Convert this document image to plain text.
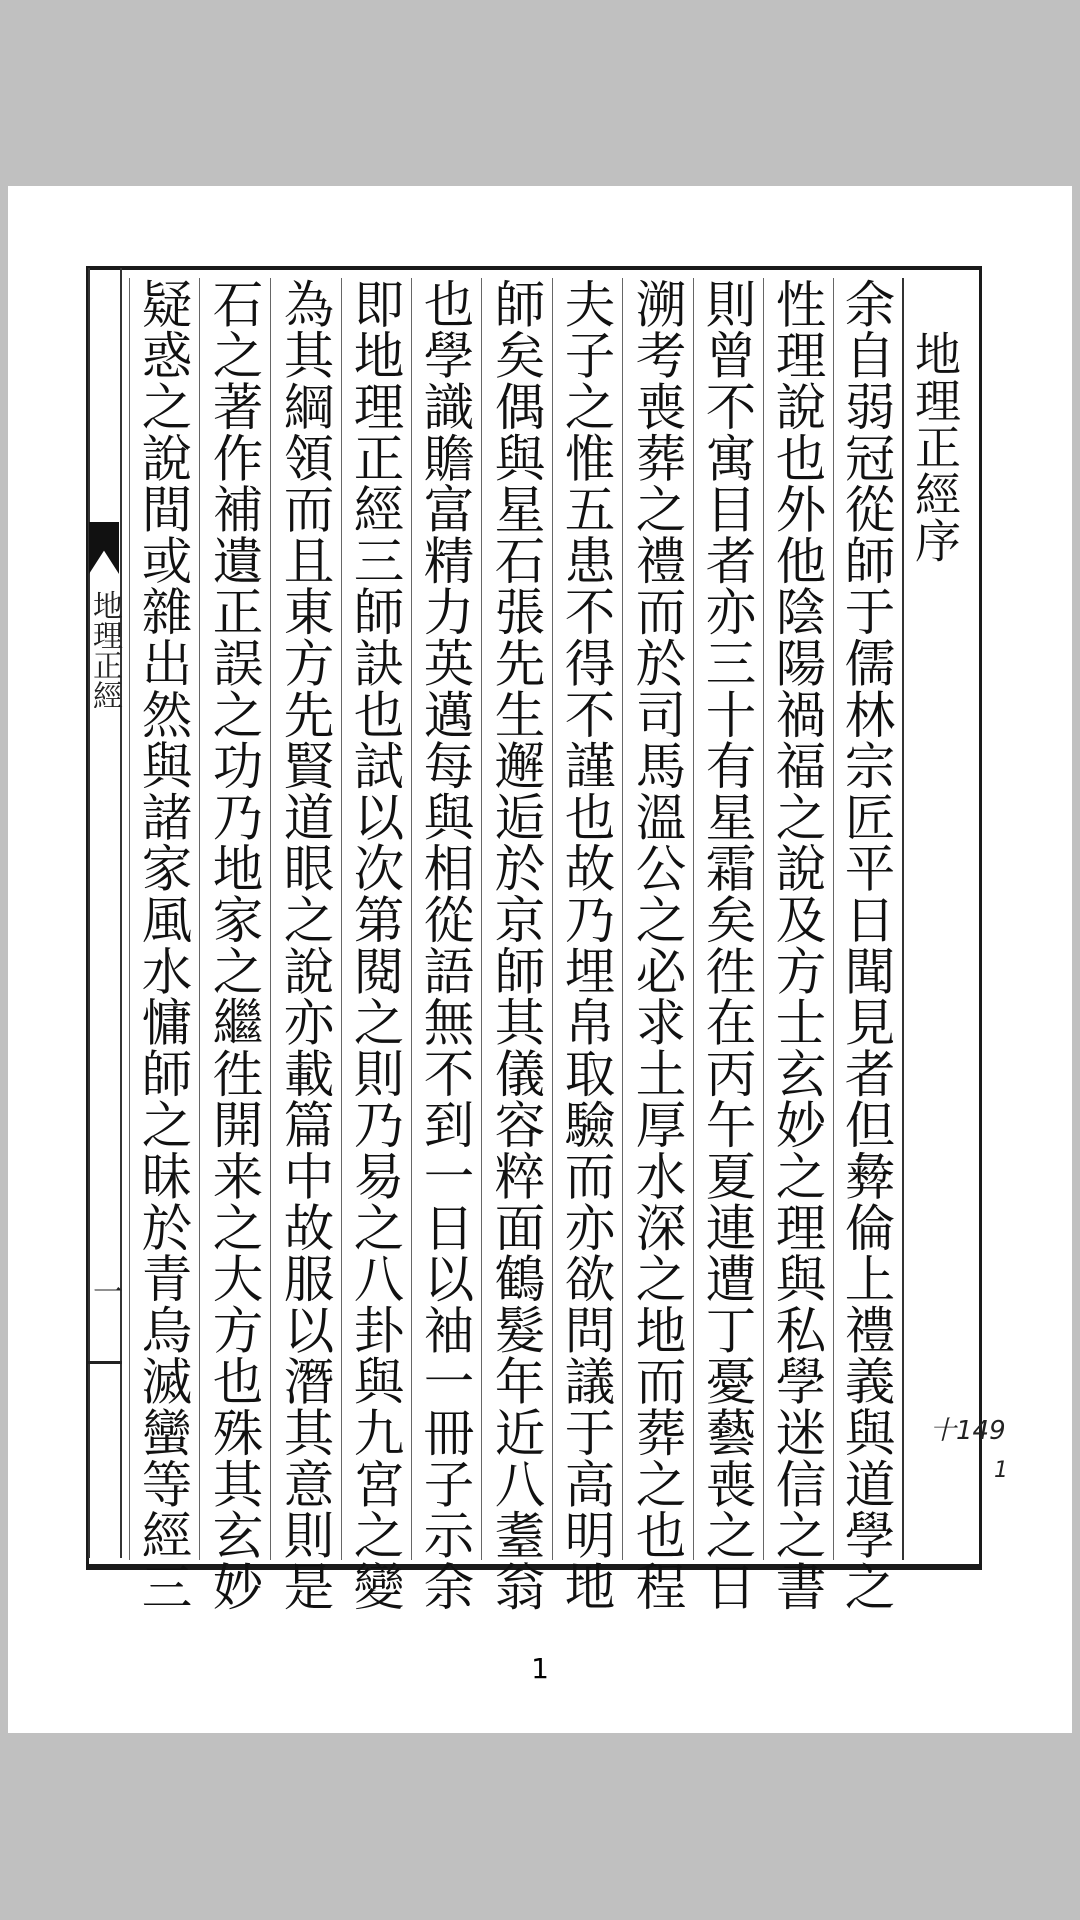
地理正經
一
地理正經序
余自弱冠從師于儒林宗匠平日聞見者但彜倫上禮義與道學之
性理說也外他陰陽禍福之說及方士玄妙之理與私學迷信之書
則曾不寓目者亦三十有星霜矣徃在丙午夏連遭丁憂藝喪之日
溯考喪葬之禮而於司馬溫公之必求土厚水深之地而葬之也程
夫子之惟五患不得不謹也故乃埋帛取驗而亦欲問議于高明地
師矣偶與星石張先生邂逅於京師其儀容粹面鶴髮年近八耋翁
也學識贍富精力英邁每與相從語無不到一日以袖一冊子示余
即地理正經三師訣也試以次第閱之則乃易之八卦與九宮之變
為其綱領而且東方先賢道眼之說亦載篇中故服以潛其意則是
石之著作補遺正誤之功乃地家之繼徃開来之大方也殊其玄妙
疑惑之說間或雜出然與諸家風水慵師之昧於青烏滅蠻等經三	十149
1
1
